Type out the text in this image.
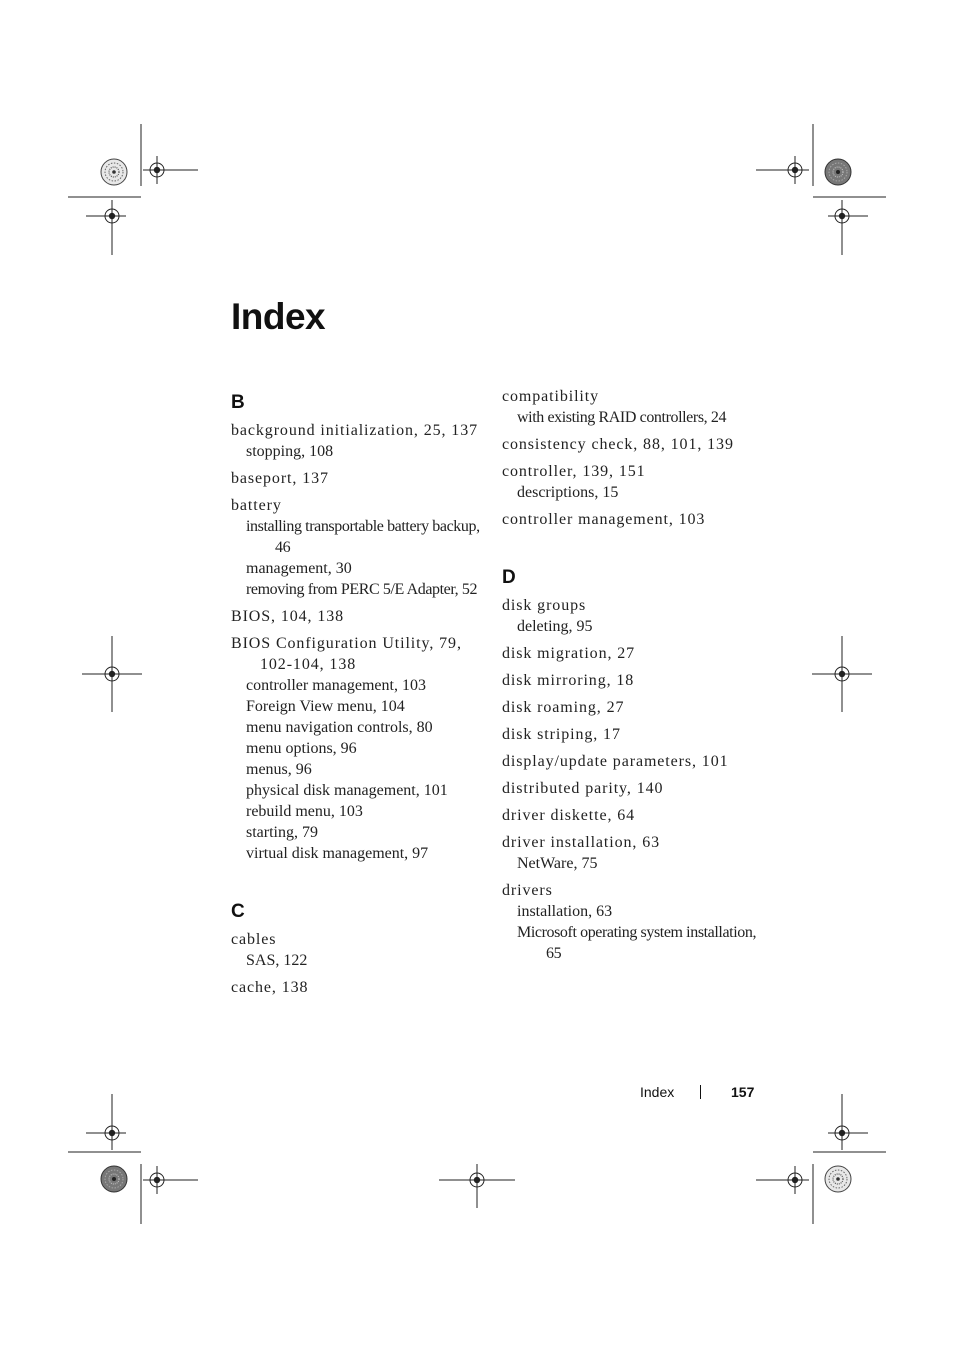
Index
B
background initialization, 25, 137
stopping, 108
baseport, 137
battery
installing transportable battery backup, 46
management, 30
removing from PERC 5/E Adapter, 52
BIOS, 104, 138
BIOS Configuration Utility, 79, 102-104, 138
controller management, 103
Foreign View menu, 104
menu navigation controls, 80
menu options, 96
menus, 96
physical disk management, 101
rebuild menu, 103
starting, 79
virtual disk management, 97
C
cables
SAS, 122
cache, 138
compatibility
with existing RAID controllers, 24
consistency check, 88, 101, 139
controller, 139, 151
descriptions, 15
controller management, 103
D
disk groups
deleting, 95
disk migration, 27
disk mirroring, 18
disk roaming, 27
disk striping, 17
display/update parameters, 101
distributed parity, 140
driver diskette, 64
driver installation, 63
NetWare, 75
drivers
installation, 63
Microsoft operating system installation, 65
Index	157
